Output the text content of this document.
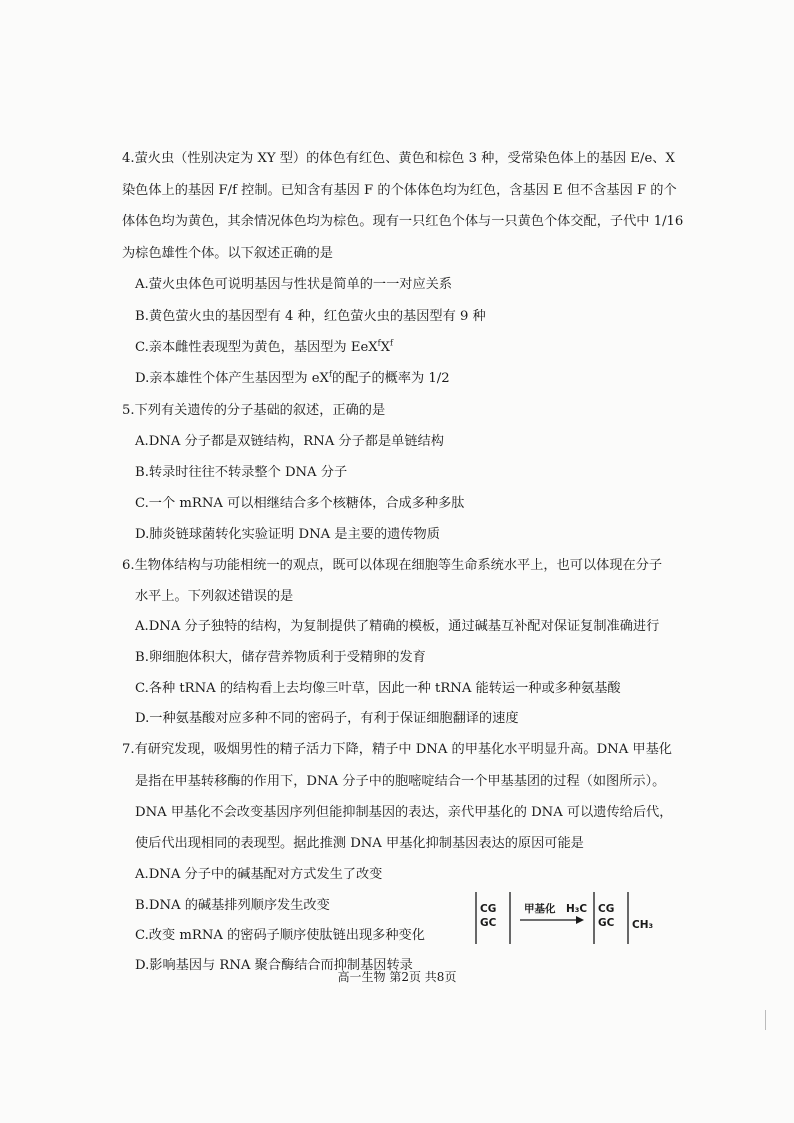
4.萤火虫（性别决定为 XY 型）的体色有红色、黄色和棕色 3 种，受常染色体上的基因 E/e、X
染色体上的基因 F/f 控制。已知含有基因 F 的个体体色均为红色，含基因 E 但不含基因 F 的个
体体色均为黄色，其余情况体色均为棕色。现有一只红色个体与一只黄色个体交配，子代中 1/16
为棕色雄性个体。以下叙述正确的是
A.萤火虫体色可说明基因与性状是简单的一一对应关系
B.黄色萤火虫的基因型有 4 种，红色萤火虫的基因型有 9 种
C.亲本雌性表现型为黄色，基因型为 $EeX^fX^f$
D.亲本雄性个体产生基因型为 $eX^f$的配子的概率为 1/2
5.下列有关遗传的分子基础的叙述，正确的是
A.DNA 分子都是双链结构，RNA 分子都是单链结构
B.转录时往往不转录整个 DNA 分子
C.一个 mRNA 可以相继结合多个核糖体，合成多种多肽
D.肺炎链球菌转化实验证明 DNA 是主要的遗传物质
6.生物体结构与功能相统一的观点，既可以体现在细胞等生命系统水平上，也可以体现在分子
水平上。下列叙述错误的是
A.DNA 分子独特的结构，为复制提供了精确的模板，通过碱基互补配对保证复制准确进行
B.卵细胞体积大，储存营养物质利于受精卵的发育
C.各种 tRNA 的结构看上去均像三叶草，因此一种 tRNA 能转运一种或多种氨基酸
D.一种氨基酸对应多种不同的密码子，有利于保证细胞翻译的速度
7.有研究发现，吸烟男性的精子活力下降，精子中 DNA 的甲基化水平明显升高。DNA 甲基化
是指在甲基转移酶的作用下，DNA 分子中的胞嘧啶结合一个甲基基团的过程（如图所示）。
DNA 甲基化不会改变基因序列但能抑制基因的表达，亲代甲基化的 DNA 可以遗传给后代，
使后代出现相同的表现型。据此推测 DNA 甲基化抑制基因表达的原因可能是
A.DNA 分子中的碱基配对方式发生了改变
B.DNA 的碱基排列顺序发生改变
C.改变 mRNA 的密码子顺序使肽链出现多种变化
D.影响基因与 RNA 聚合酶结合而抑制基因转录
CG
GC
甲基化 H₃C CG
GC CH₃
高一生物 第2页 共8页
